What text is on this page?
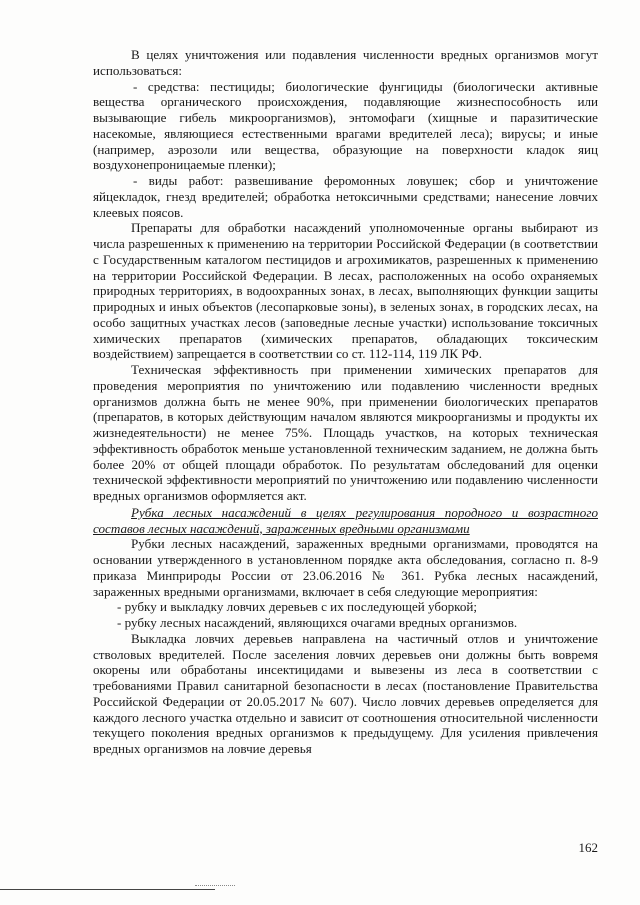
В целях уничтожения или подавления численности вредных организмов могут использоваться:

- средства: пестициды; биологические фунгициды (биологически активные вещества органического происхождения, подавляющие жизнеспособность или вызывающие гибель микроорганизмов), энтомофаги (хищные и паразитические насекомые, являющиеся естественными врагами вредителей леса); вирусы; и иные (например, аэрозоли или вещества, образующие на поверхности кладок яиц воздухонепроницаемые пленки);

- виды работ: развешивание феромонных ловушек; сбор и уничтожение яйцекладок, гнезд вредителей; обработка нетоксичными средствами; нанесение ловчих клеевых поясов.

Препараты для обработки насаждений уполномоченные органы выбирают из числа разрешенных к применению на территории Российской Федерации (в соответствии с Государственным каталогом пестицидов и агрохимикатов, разрешенных к применению на территории Российской Федерации. В лесах, расположенных на особо охраняемых природных территориях, в водоохранных зонах, в лесах, выполняющих функции защиты природных и иных объектов (лесопарковые зоны), в зеленых зонах, в городских лесах, на особо защитных участках лесов (заповедные лесные участки) использование токсичных химических препаратов (химических препаратов, обладающих токсическим воздействием) запрещается в соответствии со ст. 112-114, 119 ЛК РФ.

Техническая эффективность при применении химических препаратов для проведения мероприятия по уничтожению или подавлению численности вредных организмов должна быть не менее 90%, при применении биологических препаратов (препаратов, в которых действующим началом являются микроорганизмы и продукты их жизнедеятельности) не менее 75%. Площадь участков, на которых техническая эффективность обработок меньше установленной техническим заданием, не должна быть более 20% от общей площади обработок. По результатам обследований для оценки технической эффективности мероприятий по уничтожению или подавлению численности вредных организмов оформляется акт.

Рубка лесных насаждений в целях регулирования породного и возрастного составов лесных насаждений, зараженных вредными организмами

Рубки лесных насаждений, зараженных вредными организмами, проводятся на основании утвержденного в установленном порядке акта обследования, согласно п. 8-9 приказа Минприроды России от 23.06.2016 № 361. Рубка лесных насаждений, зараженных вредными организмами, включает в себя следующие мероприятия:

- рубку и выкладку ловчих деревьев с их последующей уборкой;

- рубку лесных насаждений, являющихся очагами вредных организмов.

Выкладка ловчих деревьев направлена на частичный отлов и уничтожение стволовых вредителей. После заселения ловчих деревьев они должны быть вовремя окорены или обработаны инсектицидами и вывезены из леса в соответствии с требованиями Правил санитарной безопасности в лесах (постановление Правительства Российской Федерации от 20.05.2017 № 607). Число ловчих деревьев определяется для каждого лесного участка отдельно и зависит от соотношения относительной численности текущего поколения вредных организмов к предыдущему. Для усиления привлечения вредных организмов на ловчие деревья

162
